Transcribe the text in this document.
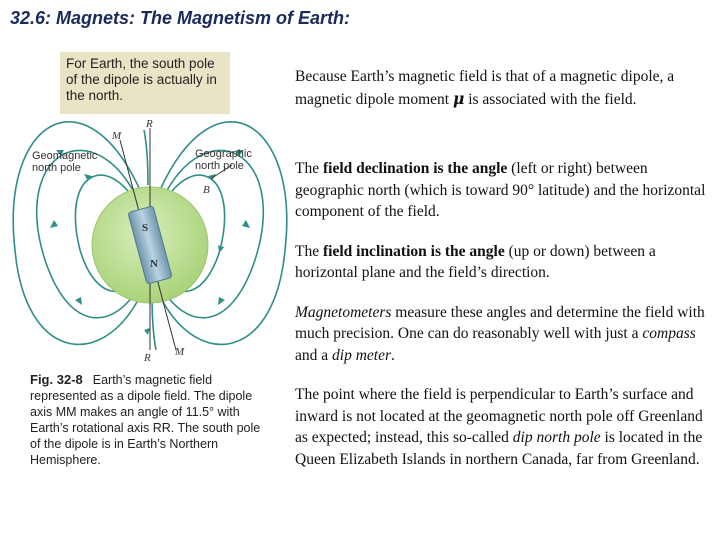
32.6: Magnets: The Magnetism of Earth:
For Earth, the south pole of the dipole is actually in the north.
Geomagnetic north pole
Geographic north pole
M
R
B
R M
S
N
Fig. 32-8 Earth’s magnetic field represented as a dipole field. The dipole axis MM makes an angle of 11.5° with Earth’s rotational axis RR. The south pole of the dipole is in Earth’s Northern Hemisphere.

Because Earth’s magnetic field is that of a magnetic dipole, a magnetic dipole moment μ is associated with the field.

The field declination is the angle (left or right) between geographic north (which is toward 90° latitude) and the horizontal component of the field.

The field inclination is the angle (up or down) between a horizontal plane and the field’s direction.

Magnetometers measure these angles and determine the field with much precision. One can do reasonably well with just a compass and a dip meter.

The point where the field is perpendicular to Earth’s surface and inward is not located at the geomagnetic north pole off Greenland as expected; instead, this so-called dip north pole is located in the Queen Elizabeth Islands in northern Canada, far from Greenland.
